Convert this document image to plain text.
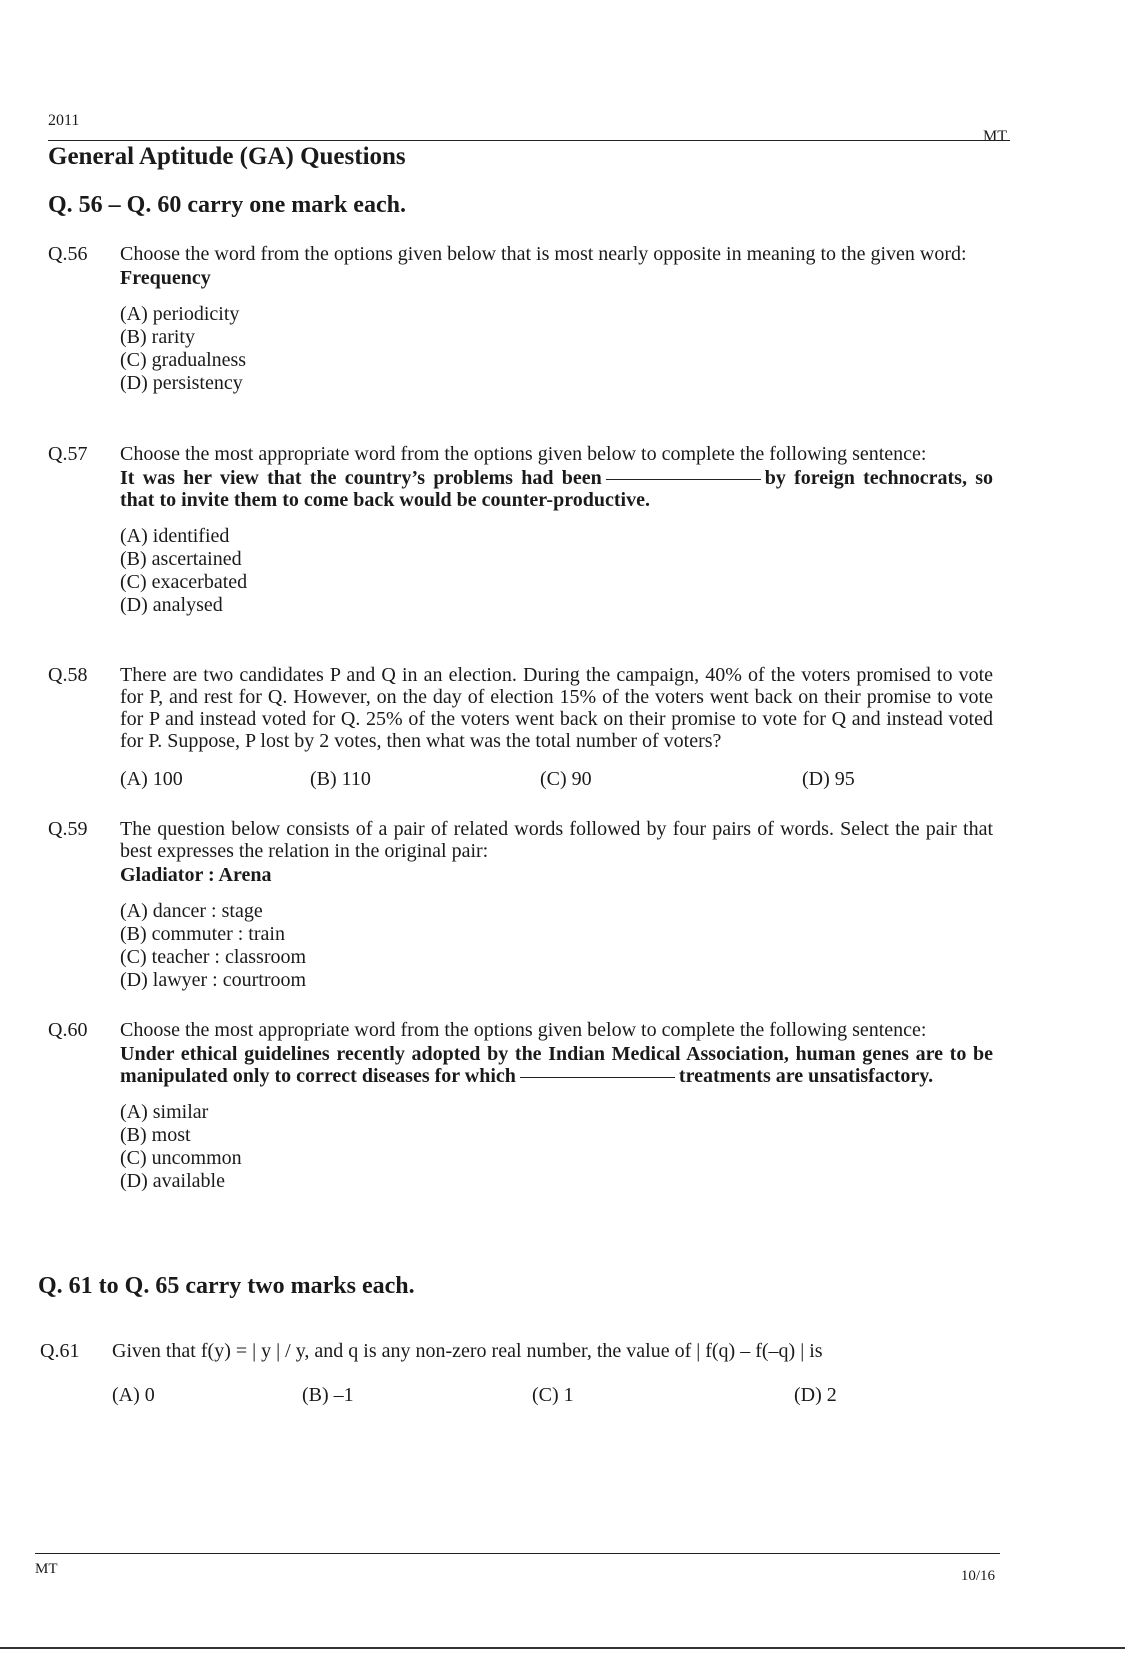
2011
MT
General Aptitude (GA) Questions
Q. 56 – Q. 60 carry one mark each.
Q.56	Choose the word from the options given below that is most nearly opposite in meaning to the given word:
Frequency
(A) periodicity
(B) rarity
(C) gradualness
(D) persistency
Q.57	Choose the most appropriate word from the options given below to complete the following sentence:
It was her view that the country’s problems had been	by foreign technocrats, so that to invite them to come back would be counter-productive.
(A) identified
(B) ascertained
(C) exacerbated
(D) analysed
Q.58	There are two candidates P and Q in an election. During the campaign, 40% of the voters promised to vote for P, and rest for Q. However, on the day of election 15% of the voters went back on their promise to vote for P and instead voted for Q. 25% of the voters went back on their promise to vote for Q and instead voted for P. Suppose, P lost by 2 votes, then what was the total number of voters?
(A) 100	(B) 110	(C) 90	(D) 95
Q.59	The question below consists of a pair of related words followed by four pairs of words. Select the pair that best expresses the relation in the original pair:
Gladiator : Arena
(A) dancer : stage
(B) commuter : train
(C) teacher : classroom
(D) lawyer : courtroom
Q.60	Choose the most appropriate word from the options given below to complete the following sentence:
Under ethical guidelines recently adopted by the Indian Medical Association, human genes are to be manipulated only to correct diseases for which	treatments are unsatisfactory.
(A) similar
(B) most
(C) uncommon
(D) available
Q. 61 to Q. 65 carry two marks each.
Q.61	Given that f(y) = | y | / y, and q is any non-zero real number, the value of | f(q) – f(–q) | is
(A) 0	(B) –1	(C) 1	(D) 2
MT	10/16
